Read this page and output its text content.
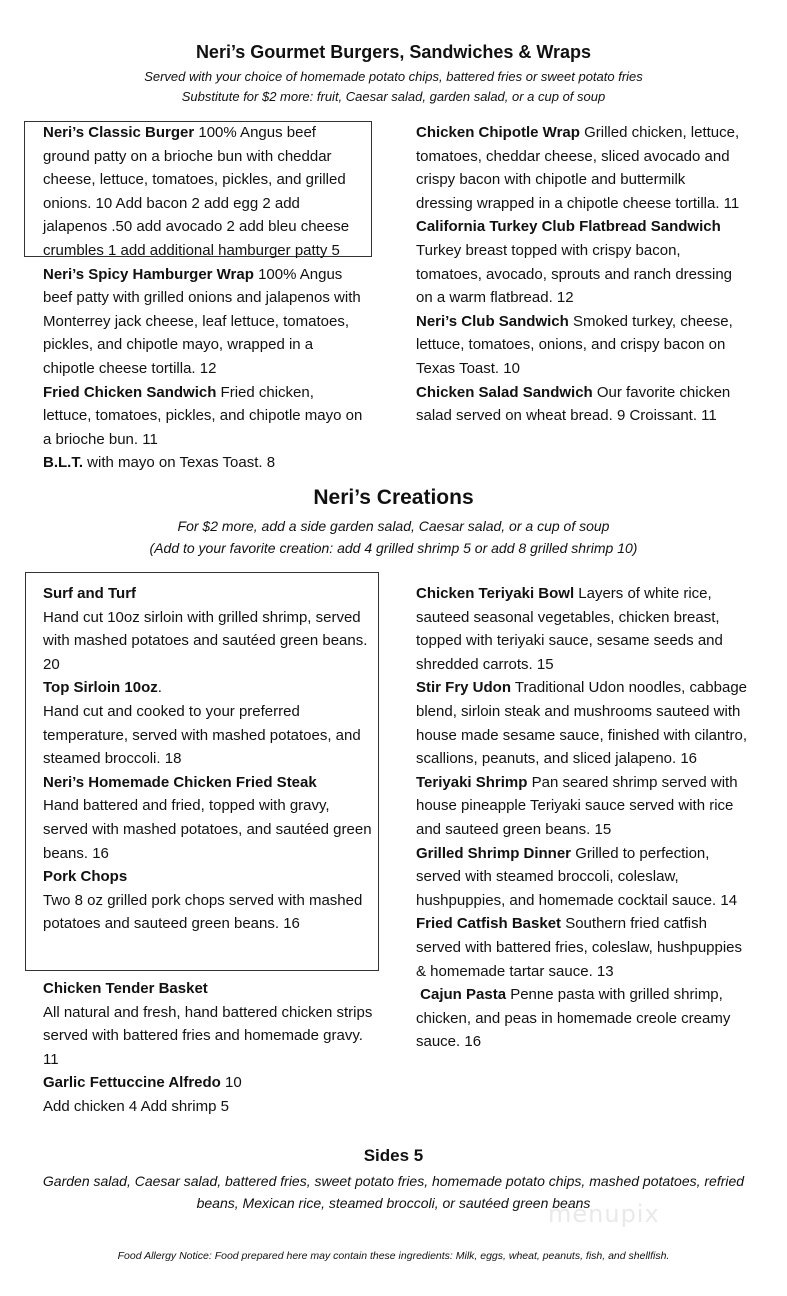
Neri’s Gourmet Burgers, Sandwiches & Wraps
Served with your choice of homemade potato chips, battered fries or sweet potato fries
Substitute for $2 more: fruit, Caesar salad, garden salad, or a cup of soup

Neri’s Classic Burger 100% Angus beef ground patty on a brioche bun with cheddar cheese, lettuce, tomatoes, pickles, and grilled onions. 10 Add bacon 2 add egg 2 add jalapenos .50 add avocado 2 add bleu cheese crumbles 1 add additional hamburger patty 5

Neri’s Spicy Hamburger Wrap 100% Angus beef patty with grilled onions and jalapenos with Monterrey jack cheese, leaf lettuce, tomatoes, pickles, and chipotle mayo, wrapped in a chipotle cheese tortilla. 12

Fried Chicken Sandwich Fried chicken, lettuce, tomatoes, pickles, and chipotle mayo on a brioche bun. 11

B.L.T. with mayo on Texas Toast. 8

Chicken Chipotle Wrap Grilled chicken, lettuce, tomatoes, cheddar cheese, sliced avocado and crispy bacon with chipotle and buttermilk dressing wrapped in a chipotle cheese tortilla. 11

California Turkey Club Flatbread Sandwich Turkey breast topped with crispy bacon, tomatoes, avocado, sprouts and ranch dressing on a warm flatbread. 12

Neri’s Club Sandwich Smoked turkey, cheese, lettuce, tomatoes, onions, and crispy bacon on Texas Toast. 10

Chicken Salad Sandwich Our favorite chicken salad served on wheat bread. 9 Croissant. 11

Neri’s Creations
For $2 more, add a side garden salad, Caesar salad, or a cup of soup
(Add to your favorite creation: add 4 grilled shrimp 5 or add 8 grilled shrimp 10)

Surf and Turf
Hand cut 10oz sirloin with grilled shrimp, served with mashed potatoes and sautéed green beans. 20

Top Sirloin 10oz.
Hand cut and cooked to your preferred temperature, served with mashed potatoes, and steamed broccoli. 18

Neri’s Homemade Chicken Fried Steak
Hand battered and fried, topped with gravy, served with mashed potatoes, and sautéed green beans. 16

Pork Chops
Two 8 oz grilled pork chops served with mashed potatoes and sauteed green beans. 16

Chicken Tender Basket
All natural and fresh, hand battered chicken strips served with battered fries and homemade gravy. 11

Garlic Fettuccine Alfredo 10
Add chicken 4 Add shrimp 5

Chicken Teriyaki Bowl Layers of white rice, sauteed seasonal vegetables, chicken breast, topped with teriyaki sauce, sesame seeds and shredded carrots. 15

Stir Fry Udon Traditional Udon noodles, cabbage blend, sirloin steak and mushrooms sauteed with house made sesame sauce, finished with cilantro, scallions, peanuts, and sliced jalapeno. 16

Teriyaki Shrimp Pan seared shrimp served with house pineapple Teriyaki sauce served with rice and sauteed green beans. 15

Grilled Shrimp Dinner Grilled to perfection, served with steamed broccoli, coleslaw, hushpuppies, and homemade cocktail sauce. 14

Fried Catfish Basket Southern fried catfish served with battered fries, coleslaw, hushpuppies & homemade tartar sauce. 13

Cajun Pasta Penne pasta with grilled shrimp, chicken, and peas in homemade creole creamy sauce. 16

Sides 5
Garden salad, Caesar salad, battered fries, sweet potato fries, homemade potato chips, mashed potatoes, refried beans, Mexican rice, steamed broccoli, or sautéed green beans
menupix
Food Allergy Notice: Food prepared here may contain these ingredients: Milk, eggs, wheat, peanuts, fish, and shellfish.
